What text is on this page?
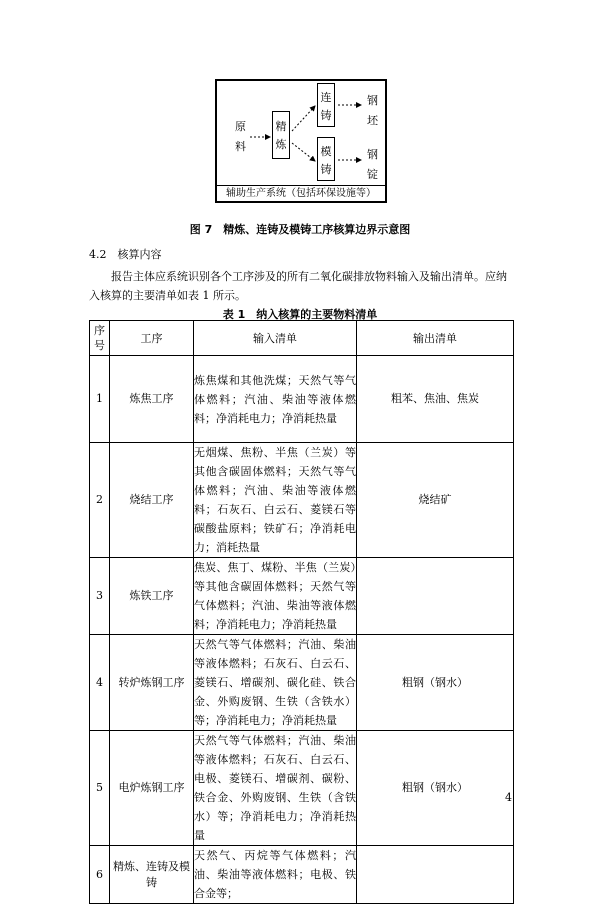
原料
精炼
连铸
模铸
钢坯
钢锭
辅助生产系统（包括环保设施等）
图 7　精炼、连铸及模铸工序核算边界示意图
4.2　核算内容

报告主体应系统识别各个工序涉及的所有二氧化碳排放物料输入及输出清单。应纳入核算的主要清单如表 1 所示。

表 1　纳入核算的主要物料清单
序号	工序	输入清单	输出清单
1	炼焦工序	炼焦煤和其他洗煤；天然气等气体燃料；汽油、柴油等液体燃料；净消耗电力；净消耗热量	粗苯、焦油、焦炭
2	烧结工序	无烟煤、焦粉、半焦（兰炭）等其他含碳固体燃料；天然气等气体燃料；汽油、柴油等液体燃料；石灰石、白云石、菱镁石等碳酸盐原料；铁矿石；净消耗电力；消耗热量	烧结矿
3	炼铁工序	焦炭、焦丁、煤粉、半焦（兰炭）等其他含碳固体燃料；天然气等气体燃料；汽油、柴油等液体燃料；净消耗电力；净消耗热量	
4	转炉炼钢工序	天然气等气体燃料；汽油、柴油等液体燃料；石灰石、白云石、菱镁石、增碳剂、碳化硅、铁合金、外购废钢、生铁（含铁水）等；净消耗电力；净消耗热量	粗钢（钢水）
5	电炉炼钢工序	天然气等气体燃料；汽油、柴油等液体燃料；石灰石、白云石、电极、菱镁石、增碳剂、碳粉、铁合金、外购废钢、生铁（含铁水）等；净消耗电力；净消耗热量	粗钢（钢水）
6	精炼、连铸及模铸	天然气、丙烷等气体燃料；汽油、柴油等液体燃料；电极、铁合金等；	
4
